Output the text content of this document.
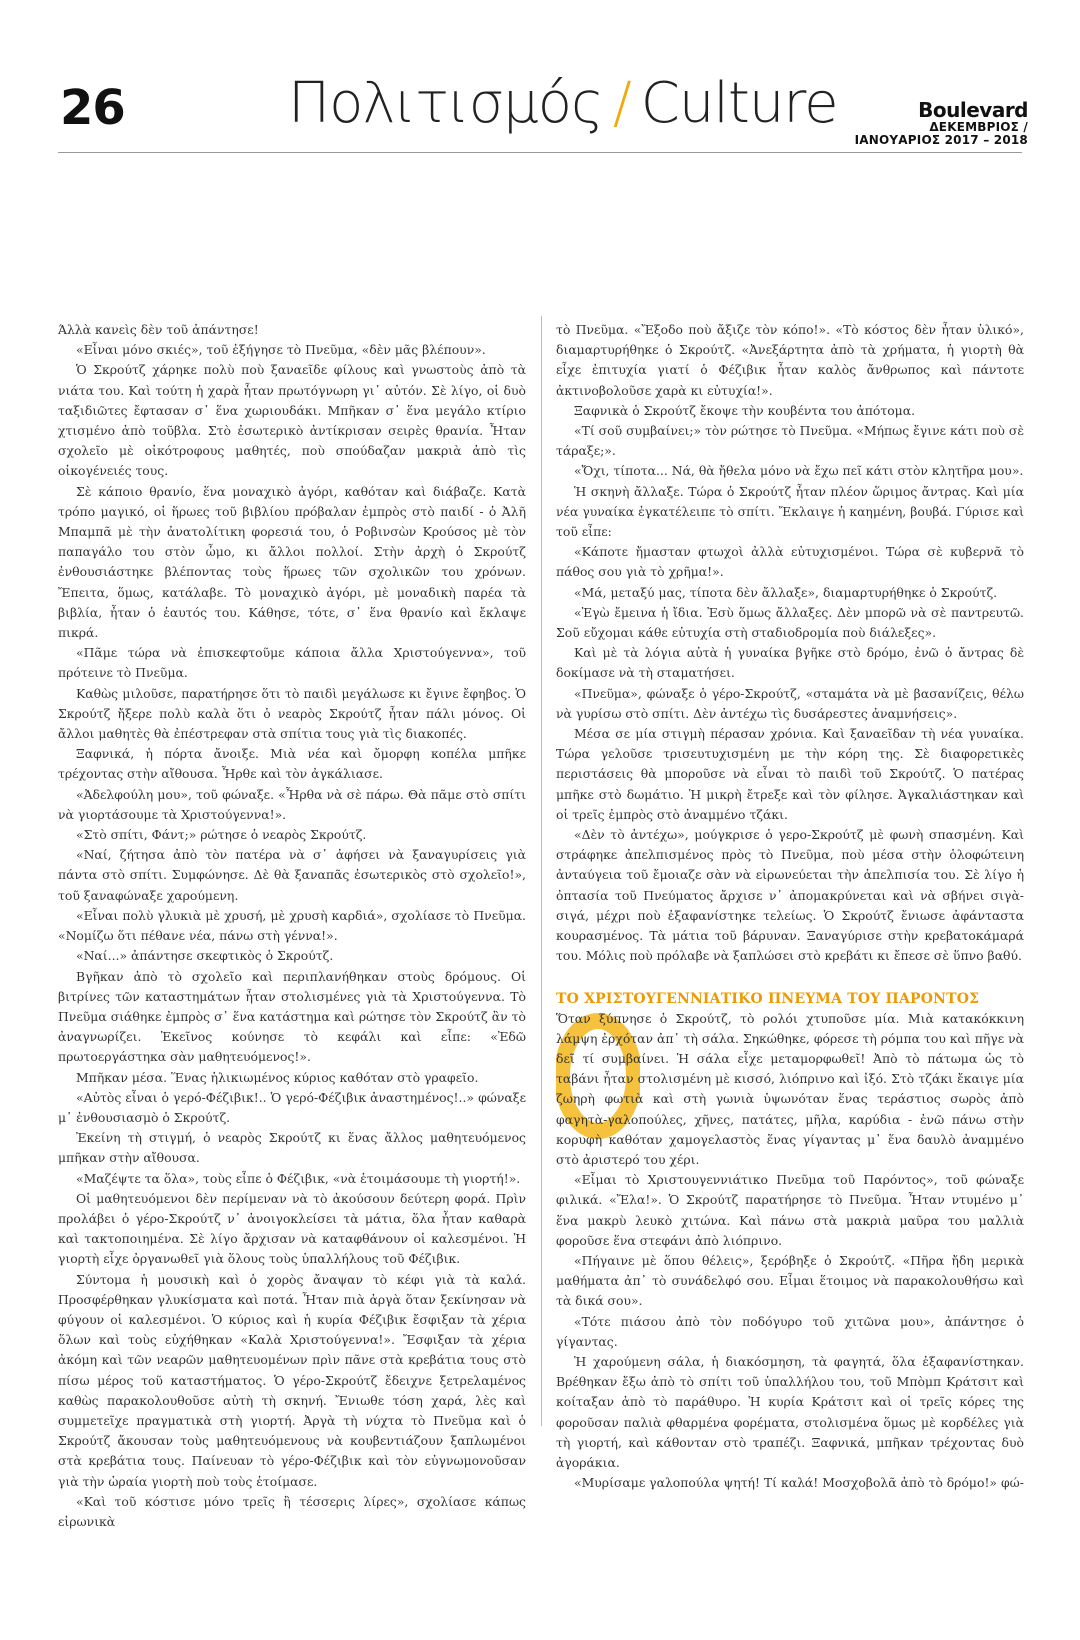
26	Πολιτισμός / Culture	Boulevard
ΔΕΚΕΜΒΡΙΟΣ /
ΙΑΝΟΥΑΡΙΟΣ 2017 – 2018

Άλλὰ κανεὶς δὲν τοῦ ἀπάντησε!

«Εἶναι μόνο σκιές», τοῦ ἐξήγησε τὸ Πνεῦμα, «δὲν μᾶς βλέπουν».

Ὁ Σκρούτζ χάρηκε πολὺ ποὺ ξαναεῖδε φίλους καὶ γνωστοὺς ἀπὸ τὰ νιάτα του. Καὶ τούτη ἡ χαρὰ ἦταν πρωτόγνωρη γι᾽ αὐτόν. Σὲ λίγο, οἱ δυὸ ταξιδιῶτες ἔφτασαν σ᾽ ἕνα χωριουδάκι. Μπῆκαν σ᾽ ἕνα μεγάλο κτίριο χτισμένο ἀπὸ τοῦβλα. Στὸ ἐσωτερικὸ ἀντίκρισαν σειρὲς θρανία. Ἦταν σχολεῖο μὲ οἰκότροφους μαθητές, ποὺ σπούδαζαν μακριὰ ἀπὸ τὶς οἰκογένειές τους.

Σὲ κάποιο θρανίο, ἕνα μοναχικὸ ἀγόρι, καθόταν καὶ διάβαζε. Κατὰ τρόπο μαγικό, οἱ ἥρωες τοῦ βιβλίου πρόβαλαν ἐμπρὸς στὸ παιδί - ὁ Ἀλῆ Μπαμπᾶ μὲ τὴν ἀνατολίτικη φορεσιά του, ὁ Ροβινσὼν Κρούσος μὲ τὸν παπαγάλο του στὸν ὦμο, κι ἄλλοι πολλοί. Στὴν ἀρχὴ ὁ Σκρούτζ ἐνθουσιάστηκε βλέποντας τοὺς ἥρωες τῶν σχολικῶν του χρόνων. Ἔπειτα, ὅμως, κατάλαβε. Τὸ μοναχικὸ ἀγόρι, μὲ μοναδικὴ παρέα τὰ βιβλία, ἦταν ὁ ἑαυτός του. Κάθησε, τότε, σ᾽ ἕνα θρανίο καὶ ἔκλαψε πικρά.

«Πᾶμε τώρα νὰ ἐπισκεφτοῦμε κάποια ἄλλα Χριστούγεννα», τοῦ πρότεινε τὸ Πνεῦμα.

Καθὼς μιλοῦσε, παρατήρησε ὅτι τὸ παιδὶ μεγάλωσε κι ἔγινε ἔφηβος. Ὁ Σκρούτζ ἤξερε πολὺ καλὰ ὅτι ὁ νεαρὸς Σκρούτζ ἦταν πάλι μόνος. Οἱ ἄλλοι μαθητὲς θὰ ἐπέστρεφαν στὰ σπίτια τους γιὰ τὶς διακοπές.

Ξαφνικά, ἡ πόρτα ἄνοιξε. Μιὰ νέα καὶ ὄμορφη κοπέλα μπῆκε τρέχοντας στὴν αἴθουσα. Ἦρθε καὶ τὸν ἀγκάλιασε.

«Ἀδελφούλη μου», τοῦ φώναξε. «Ἦρθα νὰ σὲ πάρω. Θὰ πᾶμε στὸ σπίτι νὰ γιορτάσουμε τὰ Χριστούγεννα!».

«Στὸ σπίτι, Φάντ;» ρώτησε ὁ νεαρὸς Σκρούτζ.

«Ναί, ζήτησα ἀπὸ τὸν πατέρα νὰ σ᾽ ἀφήσει νὰ ξαναγυρίσεις γιὰ πάντα στὸ σπίτι. Συμφώνησε. Δὲ θὰ ξαναπᾶς ἐσωτερικὸς στὸ σχολεῖο!», τοῦ ξαναφώναξε χαρούμενη.

«Εἶναι πολὺ γλυκιὰ μὲ χρυσή, μὲ χρυσὴ καρδιά», σχολίασε τὸ Πνεῦμα. «Νομίζω ὅτι πέθανε νέα, πάνω στὴ γέννα!».

«Ναί...» ἀπάντησε σκεφτικὸς ὁ Σκρούτζ.

Βγῆκαν ἀπὸ τὸ σχολεῖο καὶ περιπλανήθηκαν στοὺς δρόμους. Οἱ βιτρίνες τῶν καταστημάτων ἦταν στολισμένες γιὰ τὰ Χριστούγεννα. Τὸ Πνεῦμα σιάθηκε ἐμπρὸς σ᾽ ἕνα κατάστημα καὶ ρώτησε τὸν Σκρούτζ ἂν τὸ ἀναγνωρίζει. Ἐκεῖνος κούνησε τὸ κεφάλι καὶ εἶπε: «Ἐδῶ πρωτοεργάστηκα σὰν μαθητευόμενος!».

Μπῆκαν μέσα. Ἕνας ἡλικιωμένος κύριος καθόταν στὸ γραφεῖο.

«Αὐτὸς εἶναι ὁ γερό-Φέζιβικ!.. Ὁ γερό-Φέζιβικ ἀναστημένος!..» φώναξε μ᾽ ἐνθουσιασμὸ ὁ Σκρούτζ.

Ἐκείνη τὴ στιγμή, ὁ νεαρὸς Σκρούτζ κι ἕνας ἄλλος μαθητευόμενος μπῆκαν στὴν αἴθουσα.

«Μαζέψτε τα ὅλα», τοὺς εἶπε ὁ Φέζιβικ, «νὰ ἑτοιμάσουμε τὴ γιορτή!».

Οἱ μαθητευόμενοι δὲν περίμεναν νὰ τὸ ἀκούσουν δεύτερη φορά. Πρὶν προλάβει ὁ γέρο-Σκρούτζ ν᾽ ἀνοιγοκλείσει τὰ μάτια, ὅλα ἦταν καθαρὰ καὶ τακτοποιημένα. Σὲ λίγο ἄρχισαν νὰ καταφθάνουν οἱ καλεσμένοι. Ἡ γιορτὴ εἶχε ὀργανωθεῖ γιὰ ὅλους τοὺς ὑπαλλήλους τοῦ Φέζιβικ.

Σύντομα ἡ μουσικὴ καὶ ὁ χορὸς ἄναψαν τὸ κέφι γιὰ τὰ καλά. Προσφέρθηκαν γλυκίσματα καὶ ποτά. Ἦταν πιὰ ἀργὰ ὅταν ξεκίνησαν νὰ φύγουν οἱ καλεσμένοι. Ὁ κύριος καὶ ἡ κυρία Φέζιβικ ἔσφιξαν τὰ χέρια ὅλων καὶ τοὺς εὐχήθηκαν «Καλὰ Χριστούγεννα!». Ἔσφιξαν τὰ χέρια ἀκόμη καὶ τῶν νεαρῶν μαθητευομένων πρὶν πᾶνε στὰ κρεβάτια τους στὸ πίσω μέρος τοῦ καταστήματος. Ὁ γέρο-Σκρούτζ ἔδειχνε ξετρελαμένος καθὼς παρακολουθοῦσε αὐτὴ τὴ σκηνή. Ἔνιωθε τόση χαρά, λὲς καὶ συμμετεῖχε πραγματικὰ στὴ γιορτή. Ἀργὰ τὴ νύχτα τὸ Πνεῦμα καὶ ὁ Σκρούτζ ἄκουσαν τοὺς μαθητευόμενους νὰ κουβεντιάζουν ξαπλωμένοι στὰ κρεβάτια τους. Παίνευαν τὸ γέρο-Φέζιβικ καὶ τὸν εὐγνωμονοῦσαν γιὰ τὴν ὡραία γιορτὴ ποὺ τοὺς ἑτοίμασε.

«Καὶ τοῦ κόστισε μόνο τρεῖς ἢ τέσσερις λίρες», σχολίασε κάπως εἰρωνικὰ

τὸ Πνεῦμα. «Ἔξοδο ποὺ ἄξιζε τὸν κόπο!». «Τὸ κόστος δὲν ἦταν ὑλικό», διαμαρτυρήθηκε ὁ Σκρούτζ. «Ἀνεξάρτητα ἀπὸ τὰ χρήματα, ἡ γιορτὴ θὰ εἶχε ἐπιτυχία γιατί ὁ Φέζιβικ ἦταν καλὸς ἄνθρωπος καὶ πάντοτε ἀκτινοβολοῦσε χαρὰ κι εὐτυχία!».

Ξαφνικὰ ὁ Σκρούτζ ἔκοψε τὴν κουβέντα του ἀπότομα.

«Τί σοῦ συμβαίνει;» τὸν ρώτησε τὸ Πνεῦμα. «Μήπως ἔγινε κάτι ποὺ σὲ τάραξε;».

«Ὄχι, τίποτα... Νά, θὰ ἤθελα μόνο νὰ ἔχω πεῖ κάτι στὸν κλητῆρα μου».

Ἡ σκηνὴ ἄλλαξε. Τώρα ὁ Σκρούτζ ἦταν πλέον ὥριμος ἄντρας. Καὶ μία νέα γυναίκα ἐγκατέλειπε τὸ σπίτι. Ἔκλαιγε ἡ καημένη, βουβά. Γύρισε καὶ τοῦ εἶπε:

«Κάποτε ἤμασταν φτωχοὶ ἀλλὰ εὐτυχισμένοι. Τώρα σὲ κυβερνᾶ τὸ πάθος σου γιὰ τὸ χρῆμα!».

«Μά, μεταξύ μας, τίποτα δὲν ἄλλαξε», διαμαρτυρήθηκε ὁ Σκρούτζ.

«Ἐγὼ ἔμεινα ἡ ἴδια. Ἐσὺ ὅμως ἄλλαξες. Δὲν μπορῶ νὰ σὲ παντρευτῶ. Σοῦ εὔχομαι κάθε εὐτυχία στὴ σταδιοδρομία ποὺ διάλεξες».

Καὶ μὲ τὰ λόγια αὐτὰ ἡ γυναίκα βγῆκε στὸ δρόμο, ἐνῶ ὁ ἄντρας δὲ δοκίμασε νὰ τὴ σταματήσει.

«Πνεῦμα», φώναξε ὁ γέρο-Σκρούτζ, «σταμάτα νὰ μὲ βασανίζεις, θέλω νὰ γυρίσω στὸ σπίτι. Δὲν ἀντέχω τὶς δυσάρεστες ἀναμνήσεις».

Μέσα σε μία στιγμὴ πέρασαν χρόνια. Καὶ ξαναεῖδαν τὴ νέα γυναίκα. Τώρα γελοῦσε τρισευτυχισμένη με τὴν κόρη της. Σὲ διαφορετικὲς περιστάσεις θὰ μποροῦσε νὰ εἶναι τὸ παιδὶ τοῦ Σκρούτζ. Ὁ πατέρας μπῆκε στὸ δωμάτιο. Ἡ μικρὴ ἔτρεξε καὶ τὸν φίλησε. Ἀγκαλιάστηκαν καὶ οἱ τρεῖς ἐμπρὸς στὸ ἀναμμένο τζάκι.

«Δὲν τὸ ἀντέχω», μούγκρισε ὁ γερο-Σκρούτζ μὲ φωνὴ σπασμένη. Καὶ στράφηκε ἀπελπισμένος πρὸς τὸ Πνεῦμα, ποὺ μέσα στὴν ὁλοφώτεινη ἀνταύγεια τοῦ ἔμοιαζε σὰν νὰ εἰρωνεύεται τὴν ἀπελπισία του. Σὲ λίγο ἡ ὀπτασία τοῦ Πνεύματος ἄρχισε ν᾽ ἀπομακρύνεται καὶ νὰ σβήνει σιγὰ-σιγά, μέχρι ποὺ ἐξαφανίστηκε τελείως. Ὁ Σκρούτζ ἔνιωσε ἀφάνταστα κουρασμένος. Τὰ μάτια τοῦ βάρυναν. Ξαναγύρισε στὴν κρεβατοκάμαρά του. Μόλις ποὺ πρόλαβε νὰ ξαπλώσει στὸ κρεβάτι κι ἔπεσε σὲ ὕπνο βαθύ.

ΤΟ ΧΡΙΣΤΟΥΓΕΝΝΙΑΤΙΚΟ ΠΝΕΥΜΑ ΤΟΥ ΠΑΡΟΝΤΟΣ

Ὅταν ξύπνησε ὁ Σκρούτζ, τὸ ρολόι χτυποῦσε μία. Μιὰ κατακόκκινη λάμψη ἐρχόταν ἀπ᾽ τὴ σάλα. Σηκώθηκε, φόρεσε τὴ ρόμπα του καὶ πῆγε νὰ δεῖ τί συμβαίνει. Ἡ σάλα εἶχε μεταμορφωθεῖ! Ἀπὸ τὸ πάτωμα ὡς τὸ ταβάνι ἦταν στολισμένη μὲ κισσό, λιόπρινο καὶ ἰξό. Στὸ τζάκι ἔκαιγε μία ζωηρὴ φωτιὰ καὶ στὴ γωνιὰ ὑψωνόταν ἕνας τεράστιος σωρὸς ἀπὸ φαγητὰ-γαλοπούλες, χῆνες, πατάτες, μῆλα, καρύδια - ἐνῶ πάνω στὴν κορυφὴ καθόταν χαμογελαστὸς ἕνας γίγαντας μ᾽ ἕνα δαυλὸ ἀναμμένο στὸ ἀριστερό του χέρι.

«Εἶμαι τὸ Χριστουγεννιάτικο Πνεῦμα τοῦ Παρόντος», τοῦ φώναξε φιλικά. «Ἔλα!». Ὁ Σκρούτζ παρατήρησε τὸ Πνεῦμα. Ἦταν ντυμένο μ᾽ ἕνα μακρὺ λευκὸ χιτώνα. Καὶ πάνω στὰ μακριὰ μαῦρα του μαλλιὰ φοροῦσε ἕνα στεφάνι ἀπὸ λιόπρινο.

«Πήγαινε μὲ ὅπου θέλεις», ξερόβηξε ὁ Σκρούτζ. «Πῆρα ἤδη μερικὰ μαθήματα ἀπ᾽ τὸ συνάδελφό σου. Εἶμαι ἕτοιμος νὰ παρακολουθήσω καὶ τὰ δικά σου».

«Τότε πιάσου ἀπὸ τὸν ποδόγυρο τοῦ χιτῶνα μου», ἀπάντησε ὁ γίγαντας.

Ἡ χαρούμενη σάλα, ἡ διακόσμηση, τὰ φαγητά, ὅλα ἐξαφανίστηκαν. Βρέθηκαν ἔξω ἀπὸ τὸ σπίτι τοῦ ὑπαλλήλου του, τοῦ Μπὸμπ Κράτσιτ καὶ κοίταξαν ἀπὸ τὸ παράθυρο. Ἡ κυρία Κράτσιτ καὶ οἱ τρεῖς κόρες της φοροῦσαν παλιὰ φθαρμένα φορέματα, στολισμένα ὅμως μὲ κορδέλες γιὰ τὴ γιορτή, καὶ κάθονταν στὸ τραπέζι. Ξαφνικά, μπῆκαν τρέχοντας δυὸ ἀγοράκια.

«Μυρίσαμε γαλοπούλα ψητή! Τί καλά! Μοσχοβολᾶ ἀπὸ τὸ δρόμο!» φώ-
